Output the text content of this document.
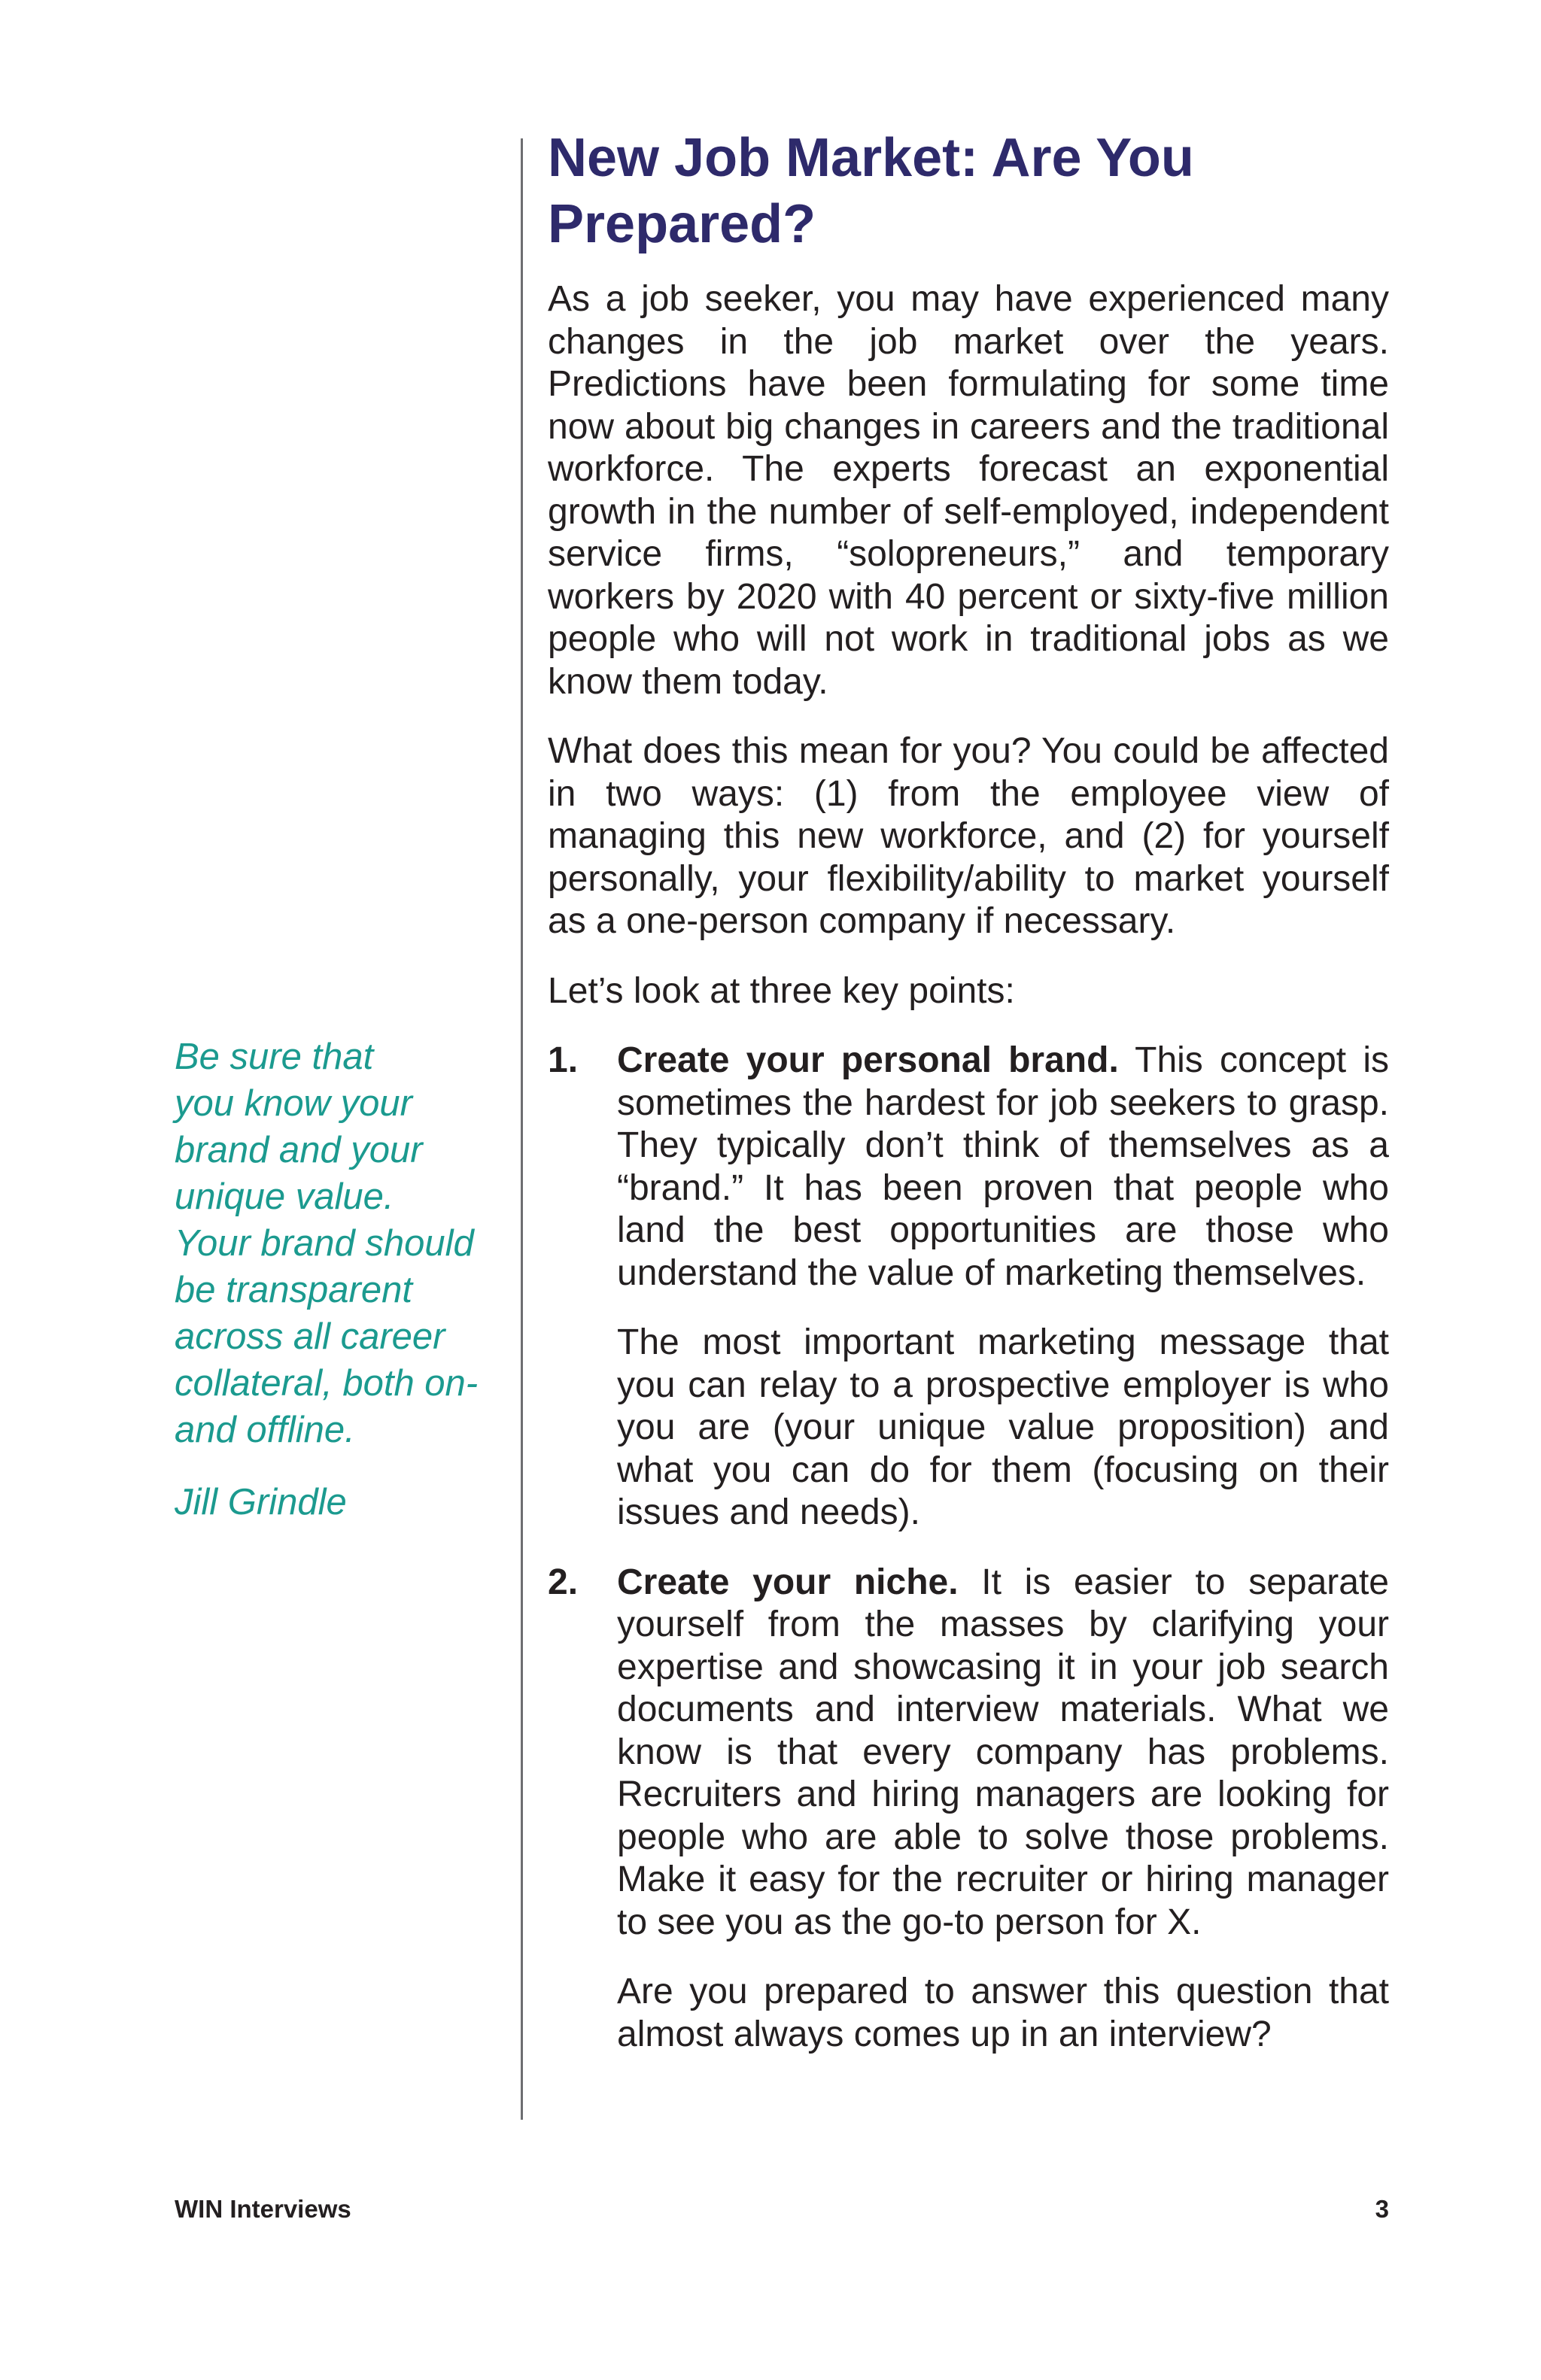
Be sure that
you know your
brand and your
unique value.
Your brand should
be transparent
across all career
collateral, both on-
and offline.

Jill Grindle

New Job Market: Are You Prepared?

As a job seeker, you may have experienced many changes in the job market over the years. Predictions have been formulating for some time now about big changes in careers and the traditional workforce. The experts forecast an exponential growth in the number of self-employed, independent service firms, “solopreneurs,” and temporary workers by 2020 with 40 percent or sixty-five million people who will not work in traditional jobs as we know them today.

What does this mean for you? You could be affected in two ways: (1) from the employee view of managing this new workforce, and (2) for yourself personally, your flexibility/ability to market yourself as a one-person company if necessary.

Let’s look at three key points:

1. Create your personal brand. This concept is sometimes the hardest for job seekers to grasp. They typically don’t think of themselves as a “brand.” It has been proven that people who land the best opportunities are those who understand the value of marketing themselves.

The most important marketing message that you can relay to a prospective employer is who you are (your unique value proposition) and what you can do for them (focusing on their issues and needs).

2. Create your niche. It is easier to separate yourself from the masses by clarifying your expertise and showcasing it in your job search documents and interview materials. What we know is that every company has problems. Recruiters and hiring managers are looking for people who are able to solve those problems. Make it easy for the recruiter or hiring manager to see you as the go-to person for X.

Are you prepared to answer this question that almost always comes up in an interview?

WIN Interviews	3
